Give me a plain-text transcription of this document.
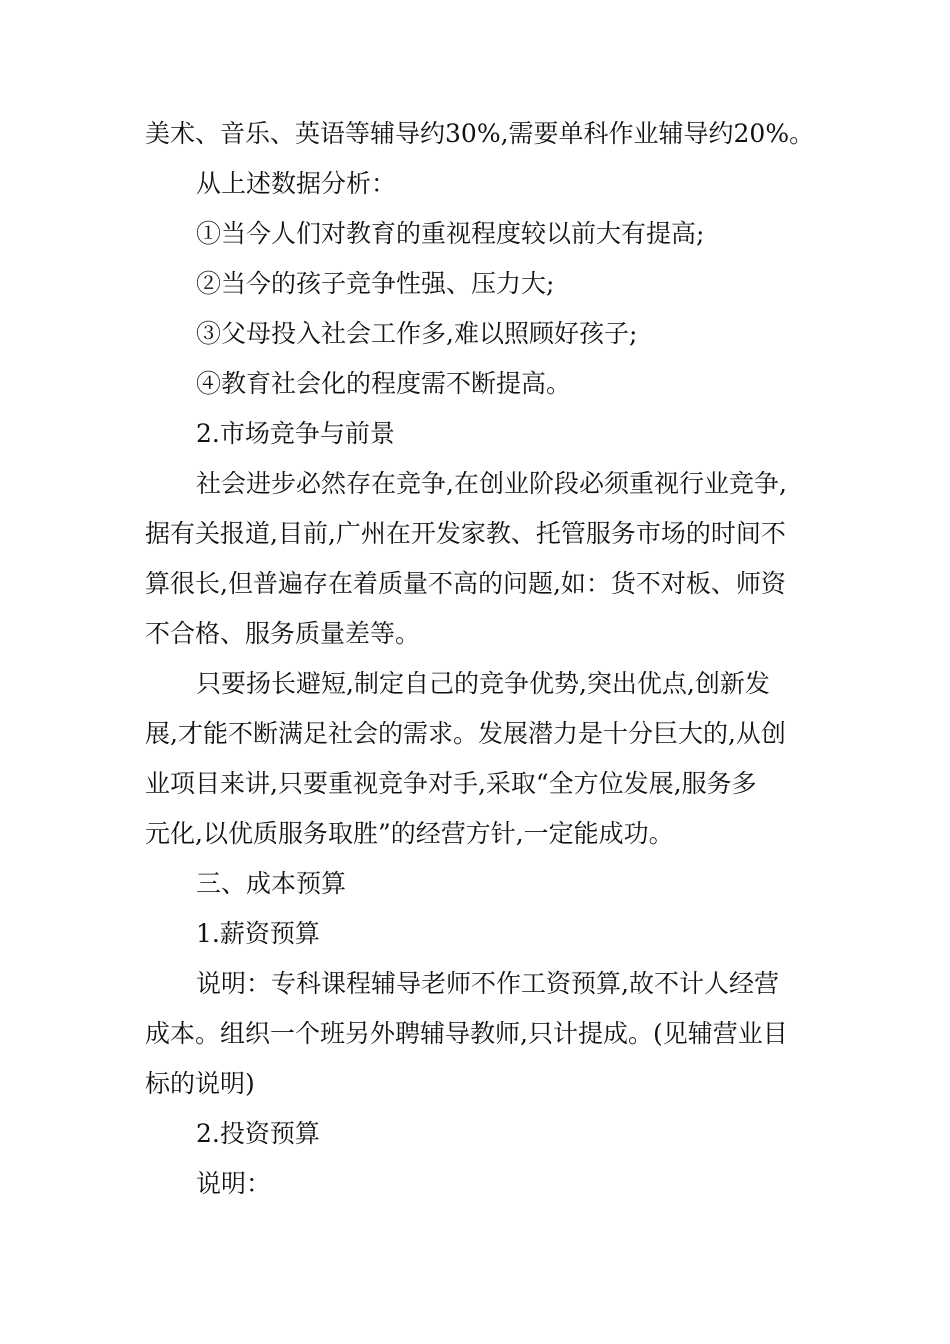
美术、音乐、英语等辅导约30%,需要单科作业辅导约20%。
从上述数据分析：
①当今人们对教育的重视程度较以前大有提高;
②当今的孩子竞争性强、压力大;
③父母投入社会工作多,难以照顾好孩子;
④教育社会化的程度需不断提高。
2.市场竞争与前景
社会进步必然存在竞争,在创业阶段必须重视行业竞争,
据有关报道,目前,广州在开发家教、托管服务市场的时间不
算很长,但普遍存在着质量不高的问题,如：货不对板、师资
不合格、服务质量差等。
只要扬长避短,制定自己的竞争优势,突出优点,创新发
展,才能不断满足社会的需求。发展潜力是十分巨大的,从创
业项目来讲,只要重视竞争对手,采取“全方位发展,服务多
元化,以优质服务取胜”的经营方针,一定能成功。
三、成本预算
1.薪资预算
说明：专科课程辅导老师不作工资预算,故不计人经营
成本。组织一个班另外聘辅导教师,只计提成。(见辅营业目
标的说明)
2.投资预算
说明：
